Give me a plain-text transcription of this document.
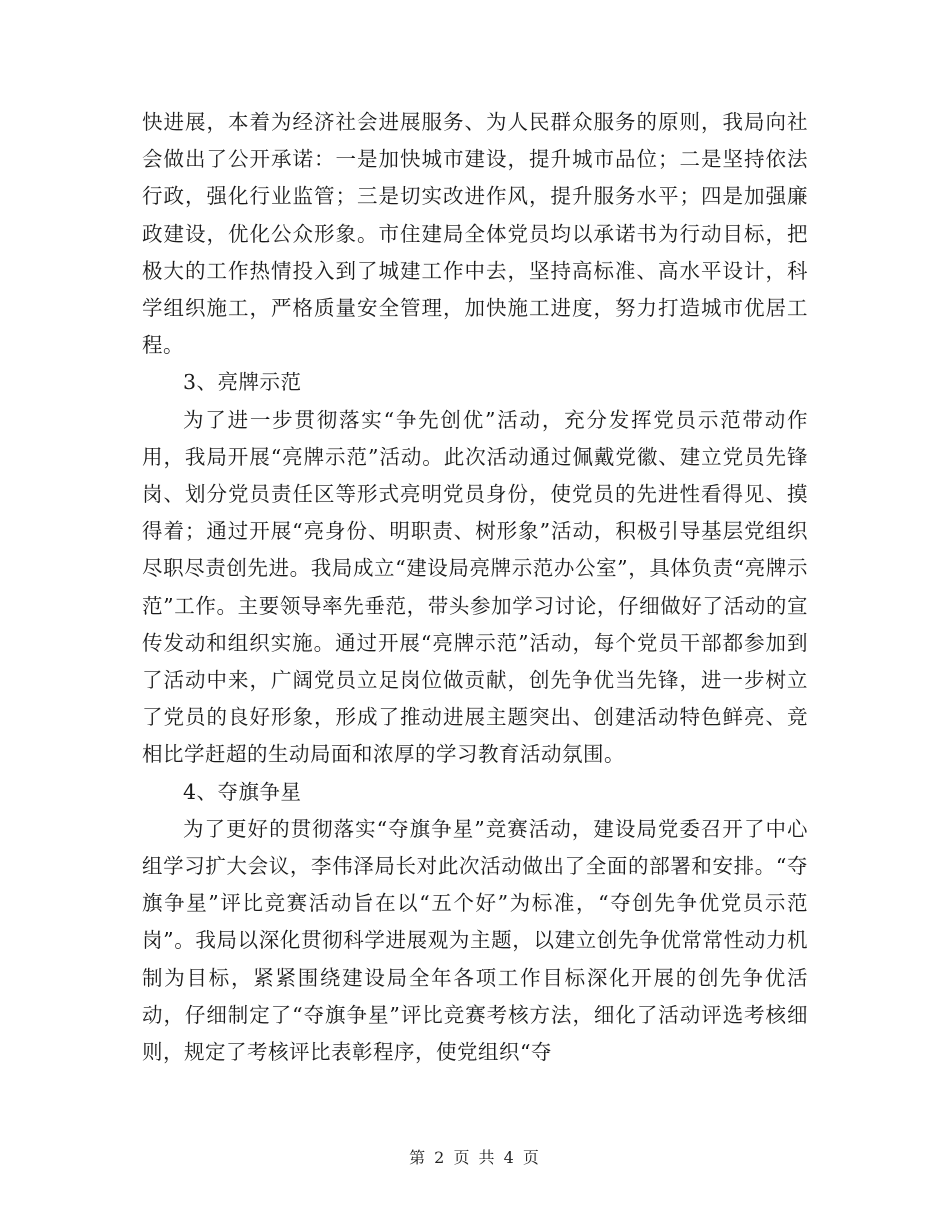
快进展，本着为经济社会进展服务、为人民群众服务的原则，我局向社会做出了公开承诺：一是加快城市建设，提升城市品位；二是坚持依法行政，强化行业监管；三是切实改进作风，提升服务水平；四是加强廉政建设，优化公众形象。市住建局全体党员均以承诺书为行动目标，把极大的工作热情投入到了城建工作中去，坚持高标准、高水平设计，科学组织施工，严格质量安全管理，加快施工进度，努力打造城市优居工程。

3、亮牌示范

为了进一步贯彻落实“争先创优”活动，充分发挥党员示范带动作用，我局开展“亮牌示范”活动。此次活动通过佩戴党徽、建立党员先锋岗、划分党员责任区等形式亮明党员身份，使党员的先进性看得见、摸得着；通过开展“亮身份、明职责、树形象”活动，积极引导基层党组织尽职尽责创先进。我局成立“建设局亮牌示范办公室”，具体负责“亮牌示范”工作。主要领导率先垂范，带头参加学习讨论，仔细做好了活动的宣传发动和组织实施。通过开展“亮牌示范”活动，每个党员干部都参加到了活动中来，广阔党员立足岗位做贡献，创先争优当先锋，进一步树立了党员的良好形象，形成了推动进展主题突出、创建活动特色鲜亮、竞相比学赶超的生动局面和浓厚的学习教育活动氛围。

4、夺旗争星

为了更好的贯彻落实“夺旗争星”竞赛活动，建设局党委召开了中心组学习扩大会议，李伟泽局长对此次活动做出了全面的部署和安排。“夺旗争星”评比竞赛活动旨在以“五个好”为标准，“夺创先争优党员示范岗”。我局以深化贯彻科学进展观为主题，以建立创先争优常常性动力机制为目标，紧紧围绕建设局全年各项工作目标深化开展的创先争优活动，仔细制定了“夺旗争星”评比竞赛考核方法，细化了活动评选考核细则，规定了考核评比表彰程序，使党组织“夺

第 2 页 共 4 页
